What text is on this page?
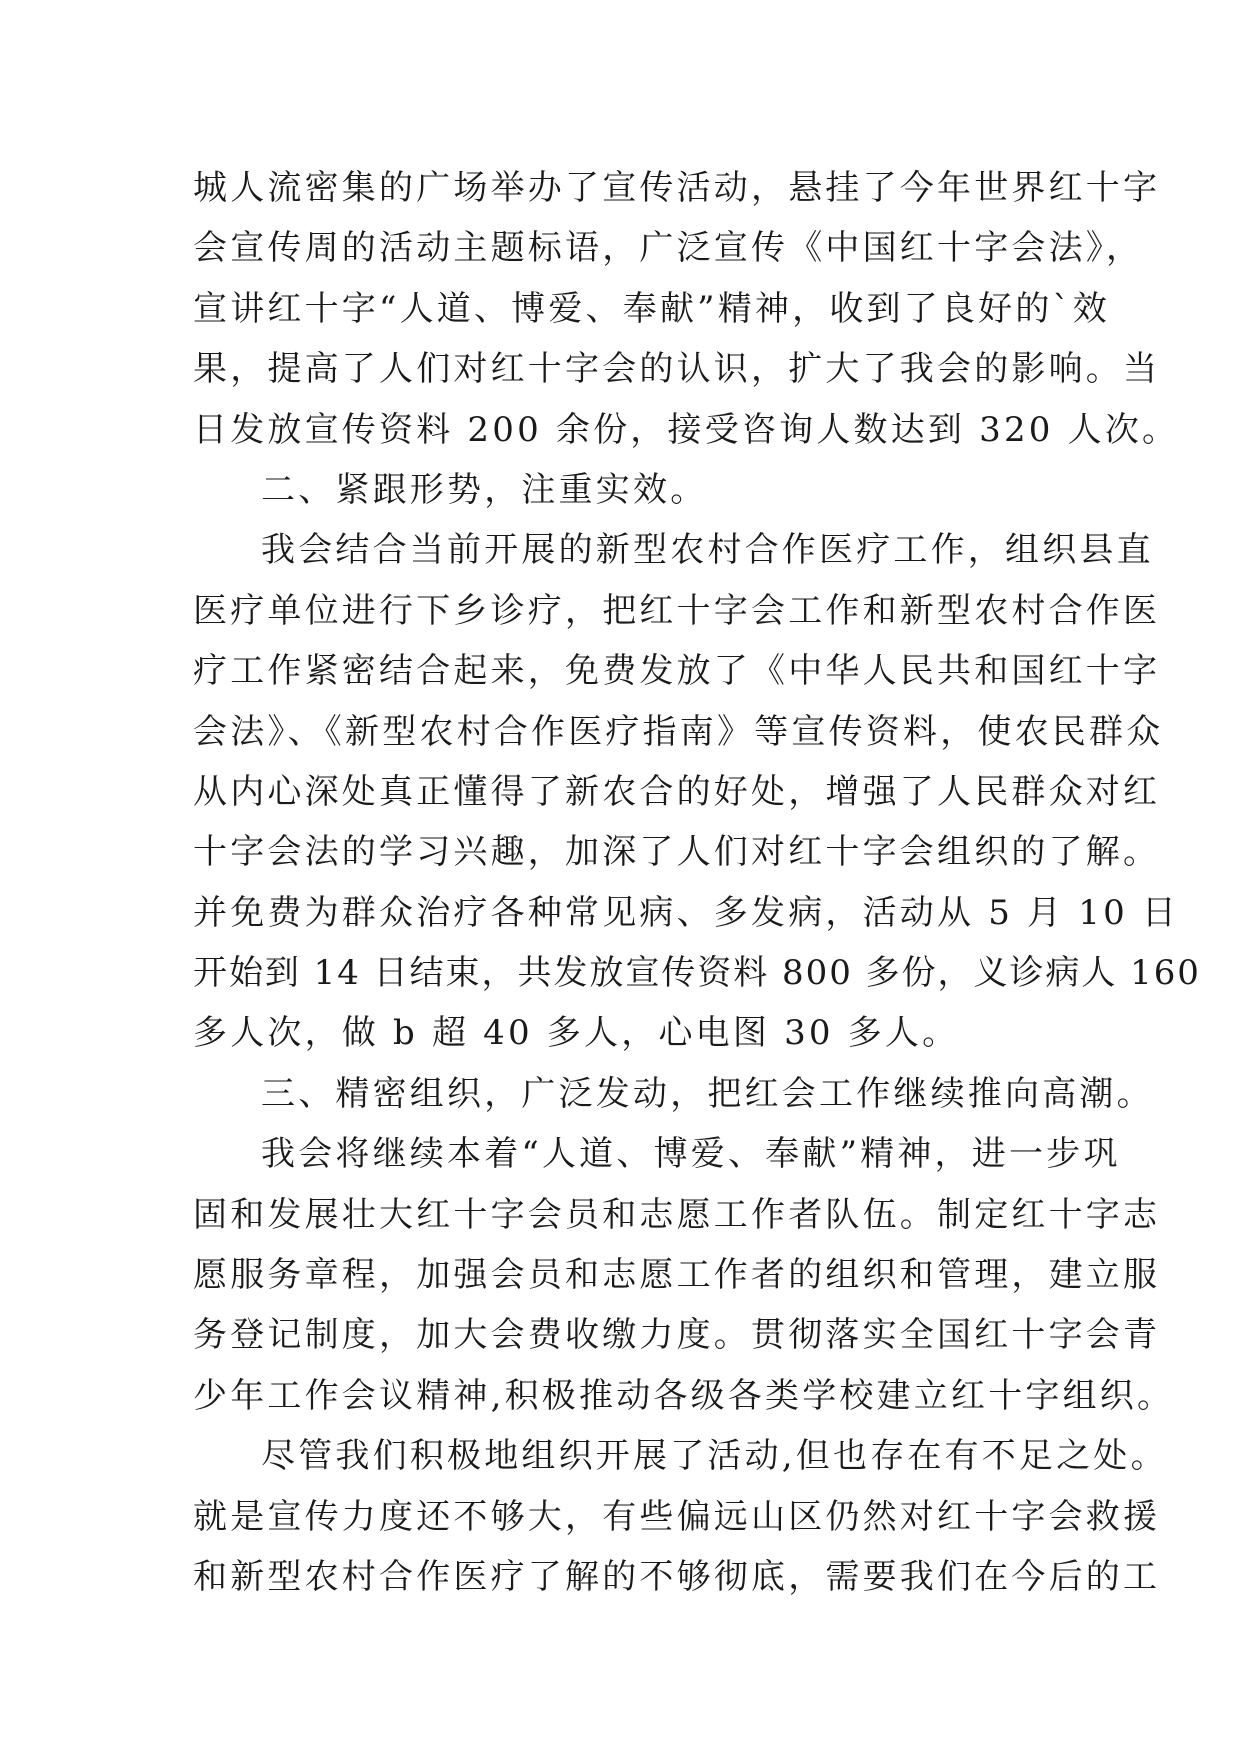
城人流密集的广场举办了宣传活动，悬挂了今年世界红十字
会宣传周的活动主题标语，广泛宣传《中国红十字会法》，
宣讲红十字“人道、博爱、奉献”精神，收到了良好的`效
果，提高了人们对红十字会的认识，扩大了我会的影响。当
日发放宣传资料 200 余份，接受咨询人数达到 320 人次。
二、紧跟形势，注重实效。
我会结合当前开展的新型农村合作医疗工作，组织县直
医疗单位进行下乡诊疗，把红十字会工作和新型农村合作医
疗工作紧密结合起来，免费发放了《中华人民共和国红十字
会法》、《新型农村合作医疗指南》等宣传资料，使农民群众
从内心深处真正懂得了新农合的好处，增强了人民群众对红
十字会法的学习兴趣，加深了人们对红十字会组织的了解。
并免费为群众治疗各种常见病、多发病，活动从 5 月 10 日
开始到 14 日结束，共发放宣传资料 800 多份，义诊病人 160
多人次，做 b 超 40 多人，心电图 30 多人。
三、精密组织，广泛发动，把红会工作继续推向高潮。
我会将继续本着“人道、博爱、奉献”精神，进一步巩
固和发展壮大红十字会员和志愿工作者队伍。制定红十字志
愿服务章程，加强会员和志愿工作者的组织和管理，建立服
务登记制度，加大会费收缴力度。贯彻落实全国红十字会青
少年工作会议精神,积极推动各级各类学校建立红十字组织。
尽管我们积极地组织开展了活动,但也存在有不足之处。
就是宣传力度还不够大，有些偏远山区仍然对红十字会救援
和新型农村合作医疗了解的不够彻底，需要我们在今后的工
